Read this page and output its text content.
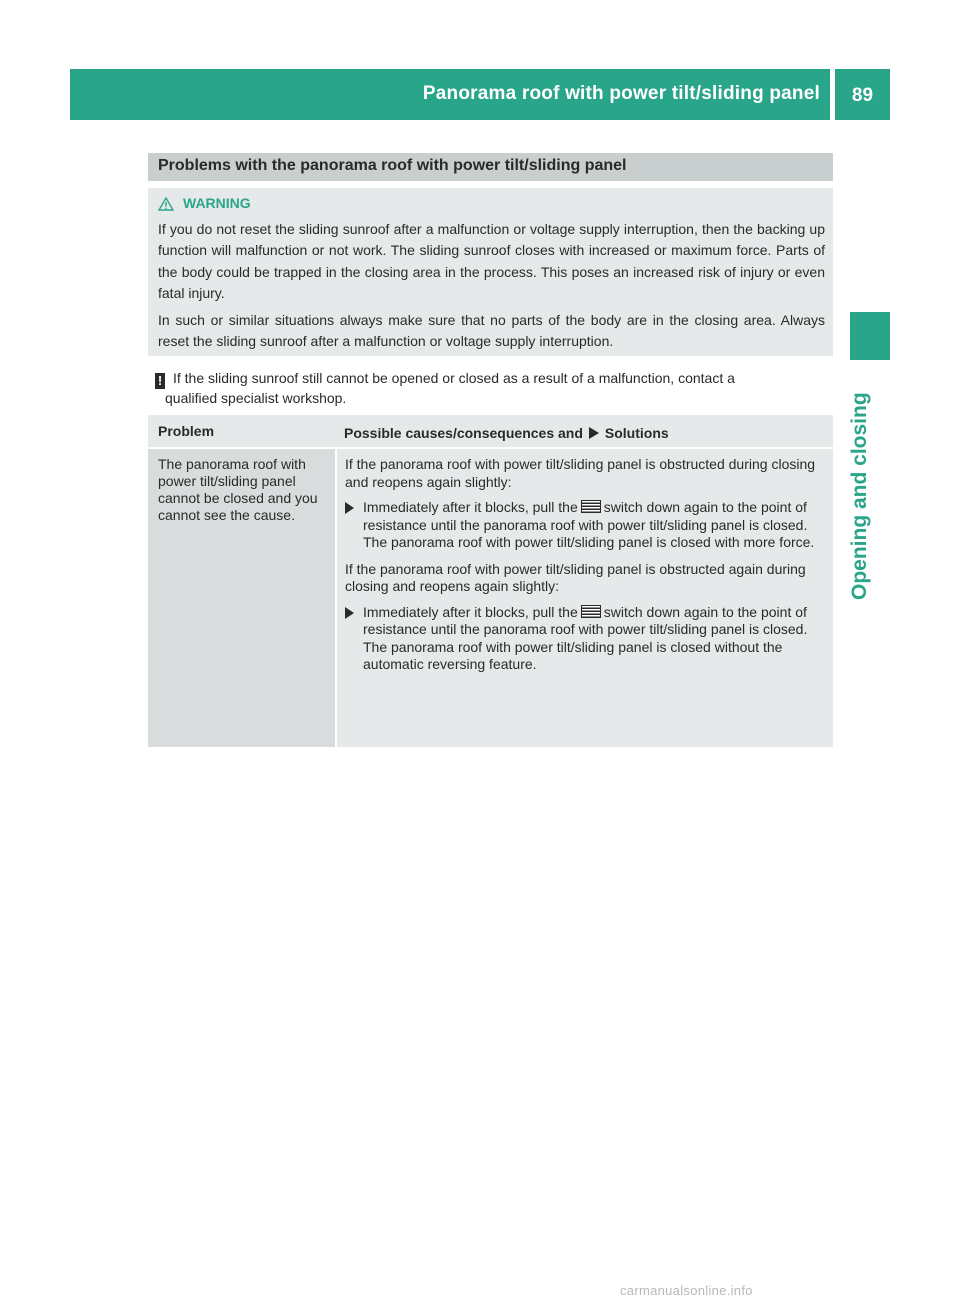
Panorama roof with power tilt/sliding panel	89
Opening and closing
Problems with the panorama roof with power tilt/sliding panel
WARNING

If you do not reset the sliding sunroof after a malfunction or voltage supply interruption, then the backing up function will malfunction or not work. The sliding sunroof closes with increased or maximum force. Parts of the body could be trapped in the closing area in the process. This poses an increased risk of injury or even fatal injury.

In such or similar situations always make sure that no parts of the body are in the closing area. Always reset the sliding sunroof after a malfunction or voltage supply interruption.

! If the sliding sunroof still cannot be opened or closed as a result of a malfunction, contact a
qualified specialist workshop.
Problem	Possible causes/consequences and Solutions
The panorama roof with power tilt/sliding panel cannot be closed and you cannot see the cause.

If the panorama roof with power tilt/sliding panel is obstructed during closing and reopens again slightly:

Immediately after it blocks, pull the switch down again to the point of resistance until the panorama roof with power tilt/sliding panel is closed.
The panorama roof with power tilt/sliding panel is closed with more force.

If the panorama roof with power tilt/sliding panel is obstructed again during closing and reopens again slightly:

Immediately after it blocks, pull the switch down again to the point of resistance until the panorama roof with power tilt/sliding panel is closed.
The panorama roof with power tilt/sliding panel is closed without the automatic reversing feature.
carmanualsonline.info
